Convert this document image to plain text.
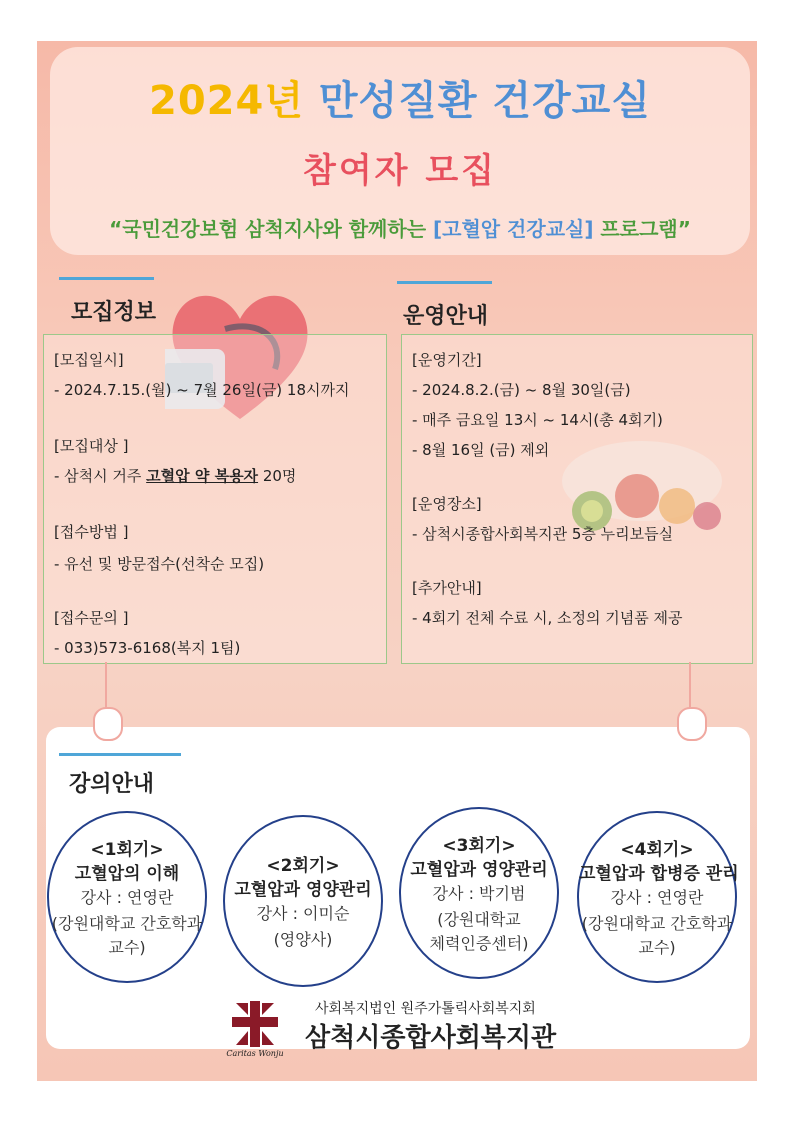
2024년 만성질환 건강교실
참여자 모집
“국민건강보험 삼척지사와 함께하는 [고혈압 건강교실] 프로그램”
모집정보
[모집일시]
- 2024.7.15.(월) ~ 7월 26일(금) 18시까지
[모집대상 ]
- 삼척시 거주 고혈압 약 복용자 20명
[접수방법 ]
- 유선 및 방문접수(선착순 모집)
[접수문의 ]
- 033)573-6168(복지 1팀)
운영안내
[운영기간]
- 2024.8.2.(금) ~ 8월 30일(금)
- 매주 금요일 13시 ~ 14시(총 4회기)
- 8월 16일 (금) 제외
[운영장소]
- 삼척시종합사회복지관 5층 누리보듬실
[추가안내]
- 4회기 전체 수료 시, 소정의 기념품 제공
강의안내
<1회기>
고혈압의 이해
강사 : 연영란
(강원대학교 간호학과
교수)
<2회기>
고혈압과 영양관리
강사 : 이미순
(영양사)
<3회기>
고혈압과 영양관리
강사 : 박기범
(강원대학교
체력인증센터)
<4회기>
고혈압과 합병증 관리
강사 : 연영란
(강원대학교 간호학과
교수)
Caritas Wonju
사회복지법인 원주가톨릭사회복지회
삼척시종합사회복지관
